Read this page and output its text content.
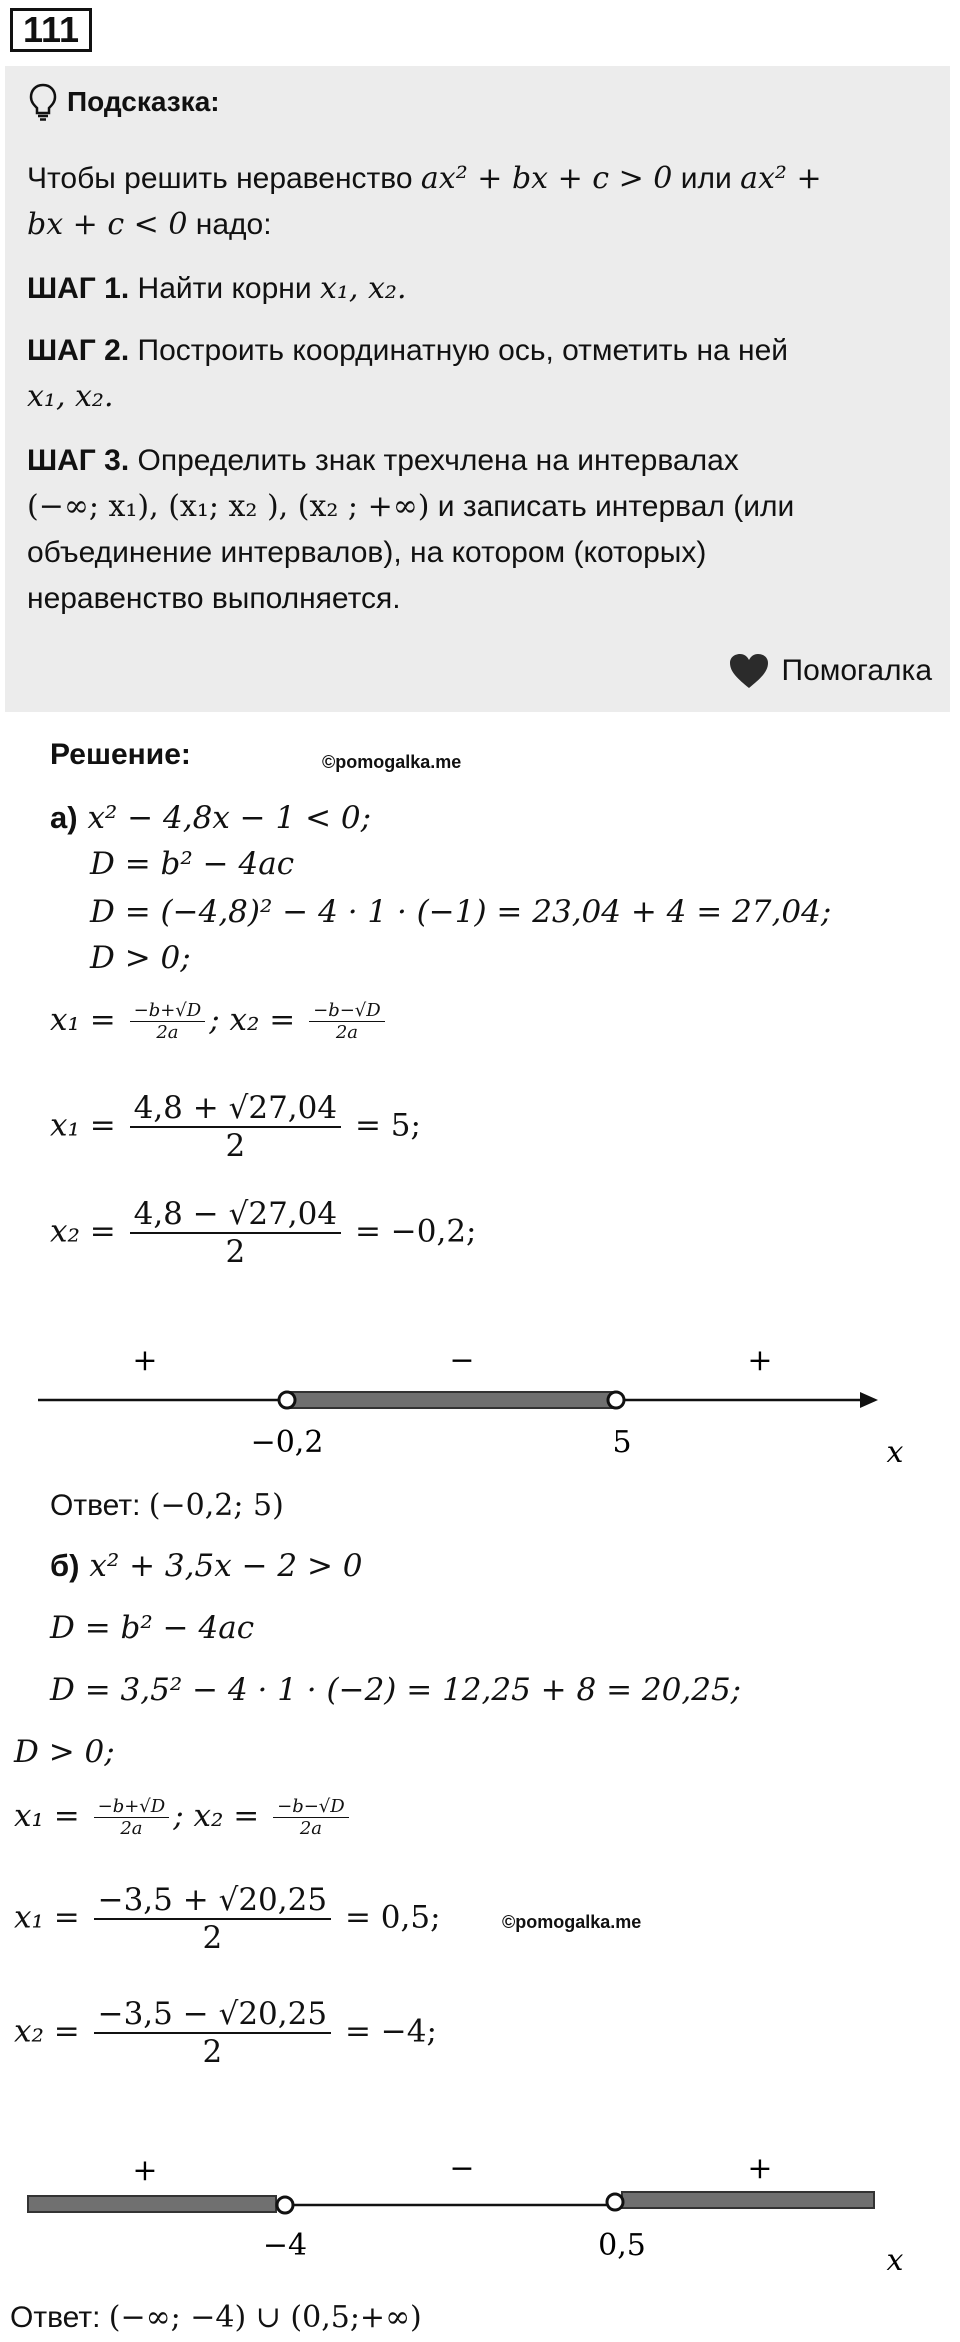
111
Подсказка:
Чтобы решить неравенство ax² + bx + c > 0 или ax² +
bx + c < 0 надо:
ШАГ 1. Найти корни x₁, x₂.
ШАГ 2. Построить координатную ось, отметить на ней
x₁, x₂.
ШАГ 3. Определить знак трехчлена на интервалах
(−∞; x₁), (x₁; x₂ ), (x₂ ; +∞) и записать интервал (или
объединение интервалов), на котором (которых)
неравенство выполняется.
Помогалка
Решение:	©pomogalka.me
а) x² − 4,8x − 1 < 0;
D = b² − 4ac
D = (−4,8)² − 4 · 1 · (−1) = 23,04 + 4 = 27,04;
D > 0;
$x_1 = \frac{-b+√D}{2a}$ ; $x_2 = \frac{-b-√D}{2a}$
$x_1 = \frac{4,8 + √27,04}{2} = 5$;
$x_2 = \frac{4,8 - √27,04}{2} = -0,2$;
+	−	+
−0,2	5	x
Ответ: (−0,2; 5)
б) x² + 3,5x − 2 > 0
D = b² − 4ac
D = 3,5² − 4 · 1 · (−2) = 12,25 + 8 = 20,25;
D > 0;
$x_1 = \frac{-b+√D}{2a}$ ; $x_2 = \frac{-b-√D}{2a}$
$x_1 = \frac{-3,5 + √20,25}{2} = 0,5$;	©pomogalka.me
$x_2 = \frac{-3,5 - √20,25}{2} = -4$;
+	−	+
−4	0,5	x
Ответ: (−∞; −4) ∪ (0,5;+∞)
